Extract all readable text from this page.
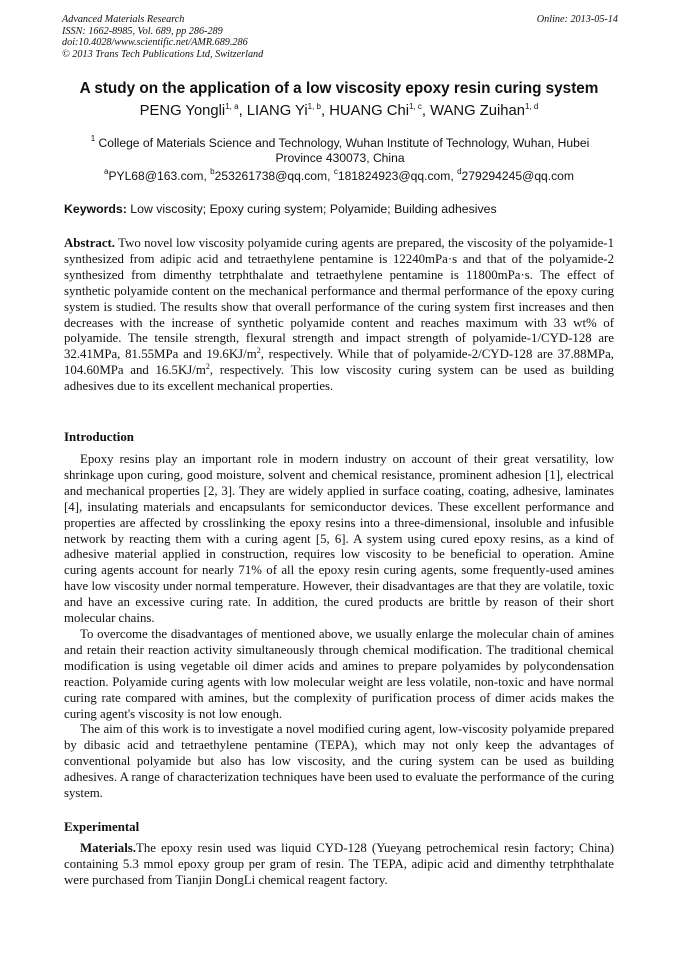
Advanced Materials Research
ISSN: 1662-8985, Vol. 689, pp 286-289
doi:10.4028/www.scientific.net/AMR.689.286
© 2013 Trans Tech Publications Ltd, Switzerland
Online: 2013-05-14
A study on the application of a low viscosity epoxy resin curing system
PENG Yongli$^{1, a}$, LIANG Yi$^{1, b}$, HUANG Chi$^{1, c}$, WANG Zuihan$^{1, d}$
$^1$ College of Materials Science and Technology, Wuhan Institute of Technology, Wuhan, Hubei Province 430073, China
$^a$PYL68@163.com, $^b$253261738@qq.com, $^c$181824923@qq.com, $^d$279294245@qq.com
Keywords: Low viscosity; Epoxy curing system; Polyamide; Building adhesives

Abstract. Two novel low viscosity polyamide curing agents are prepared, the viscosity of the polyamide-1 synthesized from adipic acid and tetraethylene pentamine is 12240mPa·s and that of the polyamide-2 synthesized from dimenthy tetrphthalate and tetraethylene pentamine is 11800mPa·s. The effect of synthetic polyamide content on the mechanical performance and thermal performance of the epoxy curing system is studied. The results show that overall performance of the curing system first increases and then decreases with the increase of synthetic polyamide content and reaches maximum with 33 wt% of polyamide. The tensile strength, flexural strength and impact strength of polyamide-1/CYD-128 are 32.41MPa, 81.55MPa and $19.6KJ/m^2$, respectively. While that of polyamide-2/CYD-128 are 37.88MPa, 104.60MPa and $16.5KJ/m^2$, respectively. This low viscosity curing system can be used as building adhesives due to its excellent mechanical properties.

Introduction

Epoxy resins play an important role in modern industry on account of their great versatility, low shrinkage upon curing, good moisture, solvent and chemical resistance, prominent adhesion [1], electrical and mechanical properties [2, 3]. They are widely applied in surface coating, coating, adhesive, laminates [4], insulating materials and encapsulants for semiconductor devices. These excellent performance and properties are affected by crosslinking the epoxy resins into a three-dimensional, insoluble and infusible network by reacting them with a curing agent [5, 6]. A system using cured epoxy resins, as a kind of adhesive material applied in construction, requires low viscosity to be beneficial to operation. Amine curing agents account for nearly 71% of all the epoxy resin curing agents, some frequently-used amines have low viscosity under normal temperature. However, their disadvantages are that they are volatile, toxic and have an excessive curing rate. In addition, the cured products are brittle by reason of their short molecular chains.

To overcome the disadvantages of mentioned above, we usually enlarge the molecular chain of amines and retain their reaction activity simultaneously through chemical modification. The traditional chemical modification is using vegetable oil dimer acids and amines to prepare polyamides by polycondensation reaction. Polyamide curing agents with low molecular weight are less volatile, non-toxic and have normal curing rate compared with amines, but the complexity of purification process of dimer acids makes the curing agent's viscosity is not low enough.

The aim of this work is to investigate a novel modified curing agent, low-viscosity polyamide prepared by dibasic acid and tetraethylene pentamine (TEPA), which may not only keep the advantages of conventional polyamide but also has low viscosity, and the curing system can be used as building adhesives. A range of characterization techniques have been used to evaluate the performance of the curing system.

Experimental

Materials.The epoxy resin used was liquid CYD-128 (Yueyang petrochemical resin factory; China) containing 5.3 mmol epoxy group per gram of resin. The TEPA, adipic acid and dimenthy tetrphthalate were purchased from Tianjin DongLi chemical reagent factory.
